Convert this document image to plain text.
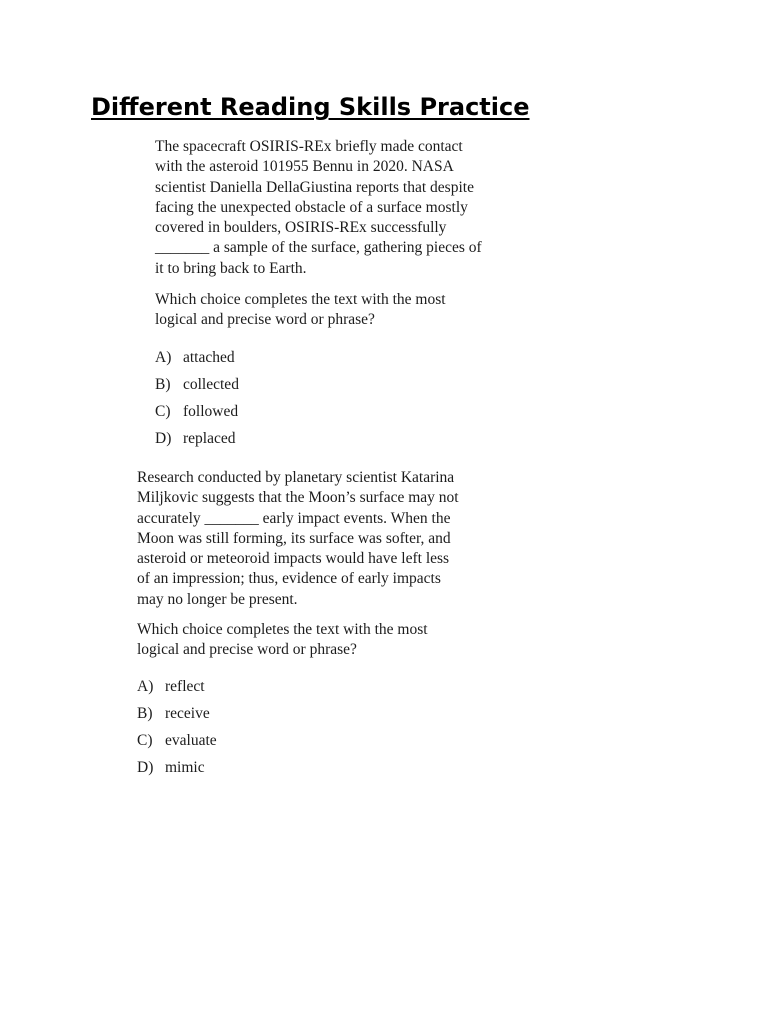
Different Reading Skills Practice

The spacecraft OSIRIS-REx briefly made contact

with the asteroid 101955 Bennu in 2020. NASA

scientist Daniella DellaGiustina reports that despite

facing the unexpected obstacle of a surface mostly

covered in boulders, OSIRIS-REx successfully

_______ a sample of the surface, gathering pieces of

it to bring back to Earth.

Which choice completes the text with the most

logical and precise word or phrase?

A) attached
B) collected
C) followed
D) replaced

Research conducted by planetary scientist Katarina

Miljkovic suggests that the Moon’s surface may not

accurately _______ early impact events. When the

Moon was still forming, its surface was softer, and

asteroid or meteoroid impacts would have left less

of an impression; thus, evidence of early impacts

may no longer be present.

Which choice completes the text with the most

logical and precise word or phrase?

A) reflect
B) receive
C) evaluate
D) mimic
